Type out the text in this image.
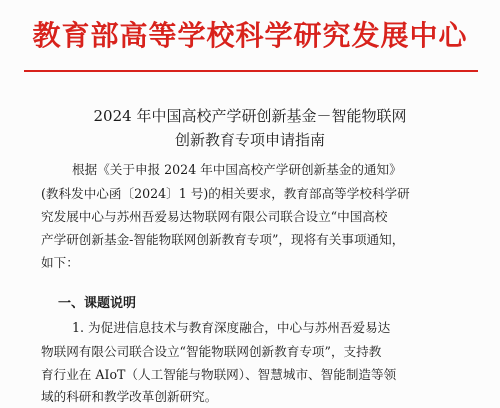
教育部高等学校科学研究发展中心
2024 年中国高校产学研创新基金－智能物联网
创新教育专项申请指南
根据《关于申报 2024 年中国高校产学研创新基金的通知》
(教科发中心函〔2024〕1 号)的相关要求，教育部高等学校科学研
究发展中心与苏州吾爱易达物联网有限公司联合设立“中国高校
产学研创新基金-智能物联网创新教育专项”，现将有关事项通知，
如下：
一、课题说明
1. 为促进信息技术与教育深度融合，中心与苏州吾爱易达
物联网有限公司联合设立“智能物联网创新教育专项”，支持教
育行业在 AIoT（人工智能与物联网）、智慧城市、智能制造等领
域的科研和教学改革创新研究。
